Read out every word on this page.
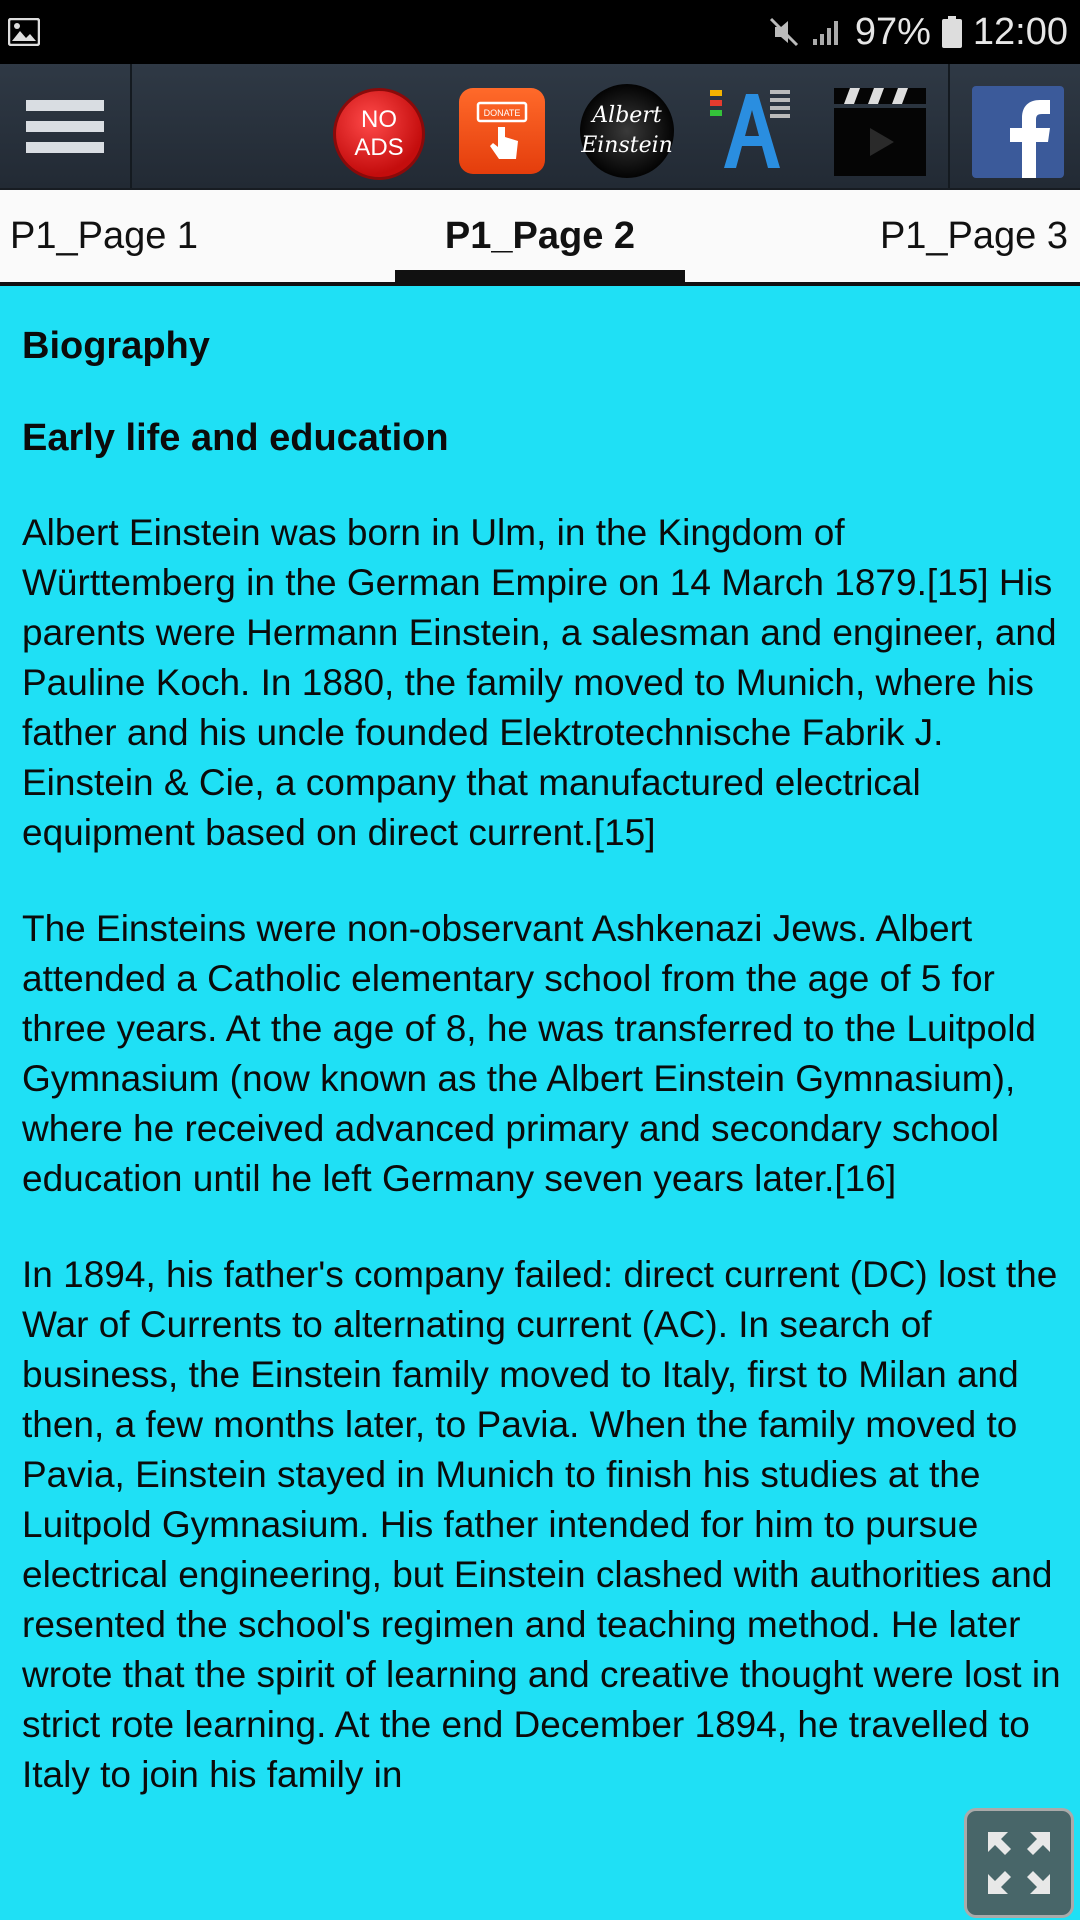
97% 12:00
NO
ADS
DONATE	Albert
Einstein
P1_Page 1	P1_Page 2	P1_Page 3
Biography
Early life and education

Albert Einstein was born in Ulm, in the Kingdom of Württemberg in the German Empire on 14 March 1879.[15] His parents were Hermann Einstein, a salesman and engineer, and Pauline Koch. In 1880, the family moved to Munich, where his father and his uncle founded Elektrotechnische Fabrik J. Einstein & Cie, a company that manufactured electrical equipment based on direct current.[15]

The Einsteins were non-observant Ashkenazi Jews. Albert attended a Catholic elementary school from the age of 5 for three years. At the age of 8, he was transferred to the Luitpold Gymnasium (now known as the Albert Einstein Gymnasium), where he received advanced primary and secondary school education until he left Germany seven years later.[16]

In 1894, his father's company failed: direct current (DC) lost the War of Currents to alternating current (AC). In search of business, the Einstein family moved to Italy, first to Milan and then, a few months later, to Pavia. When the family moved to Pavia, Einstein stayed in Munich to finish his studies at the Luitpold Gymnasium. His father intended for him to pursue electrical engineering, but Einstein clashed with authorities and resented the school's regimen and teaching method. He later wrote that the spirit of learning and creative thought were lost in strict rote learning. At the end December 1894, he travelled to Italy to join his family in
